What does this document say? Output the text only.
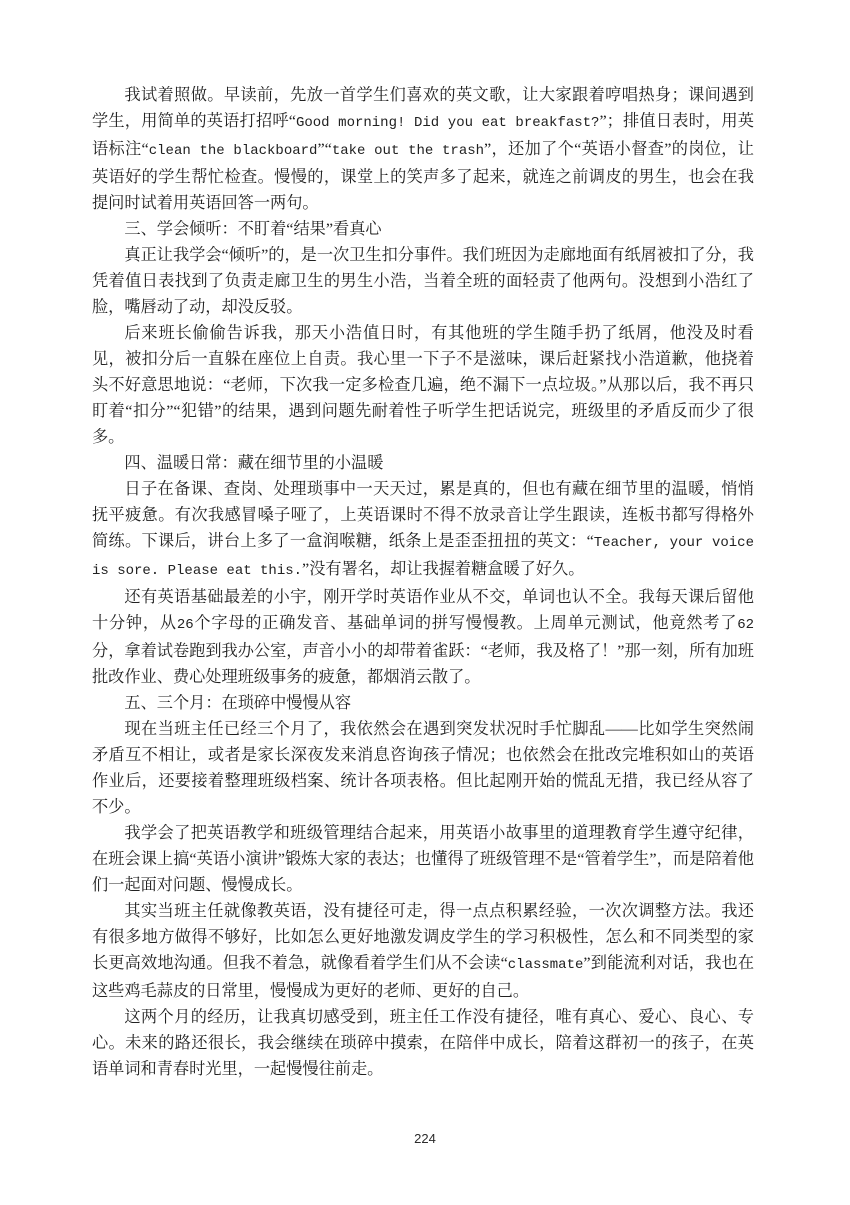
我试着照做。早读前，先放一首学生们喜欢的英文歌，让大家跟着哼唱热身；课间遇到学生，用简单的英语打招呼“Good morning! Did you eat breakfast?”；排值日表时，用英语标注“clean the blackboard”“take out the trash”，还加了个“英语小督查”的岗位，让英语好的学生帮忙检查。慢慢的，课堂上的笑声多了起来，就连之前调皮的男生，也会在我提问时试着用英语回答一两句。

三、学会倾听：不盯着“结果”看真心

真正让我学会“倾听”的，是一次卫生扣分事件。我们班因为走廊地面有纸屑被扣了分，我凭着值日表找到了负责走廊卫生的男生小浩，当着全班的面轻责了他两句。没想到小浩红了脸，嘴唇动了动，却没反驳。

后来班长偷偷告诉我，那天小浩值日时，有其他班的学生随手扔了纸屑，他没及时看见，被扣分后一直躲在座位上自责。我心里一下子不是滋味，课后赶紧找小浩道歉，他挠着头不好意思地说：“老师，下次我一定多检查几遍，绝不漏下一点垃圾。”从那以后，我不再只盯着“扣分”“犯错”的结果，遇到问题先耐着性子听学生把话说完，班级里的矛盾反而少了很多。

四、温暖日常：藏在细节里的小温暖

日子在备课、查岗、处理琐事中一天天过，累是真的，但也有藏在细节里的温暖，悄悄抚平疲惫。有次我感冒嗓子哑了，上英语课时不得不放录音让学生跟读，连板书都写得格外简练。下课后，讲台上多了一盒润喉糖，纸条上是歪歪扭扭的英文：“Teacher, your voice is sore. Please eat this.”没有署名，却让我握着糖盒暖了好久。

还有英语基础最差的小宇，刚开学时英语作业从不交，单词也认不全。我每天课后留他十分钟，从26个字母的正确发音、基础单词的拼写慢慢教。上周单元测试，他竟然考了62分，拿着试卷跑到我办公室，声音小小的却带着雀跃：“老师，我及格了！”那一刻，所有加班批改作业、费心处理班级事务的疲惫，都烟消云散了。

五、三个月：在琐碎中慢慢从容

现在当班主任已经三个月了，我依然会在遇到突发状况时手忙脚乱——比如学生突然闹矛盾互不相让，或者是家长深夜发来消息咨询孩子情况；也依然会在批改完堆积如山的英语作业后，还要接着整理班级档案、统计各项表格。但比起刚开始的慌乱无措，我已经从容了不少。

我学会了把英语教学和班级管理结合起来，用英语小故事里的道理教育学生遵守纪律，在班会课上搞“英语小演讲”锻炼大家的表达；也懂得了班级管理不是“管着学生”，而是陪着他们一起面对问题、慢慢成长。

其实当班主任就像教英语，没有捷径可走，得一点点积累经验，一次次调整方法。我还有很多地方做得不够好，比如怎么更好地激发调皮学生的学习积极性，怎么和不同类型的家长更高效地沟通。但我不着急，就像看着学生们从不会读“classmate”到能流利对话，我也在这些鸡毛蒜皮的日常里，慢慢成为更好的老师、更好的自己。

这两个月的经历，让我真切感受到，班主任工作没有捷径，唯有真心、爱心、良心、专心。未来的路还很长，我会继续在琐碎中摸索，在陪伴中成长，陪着这群初一的孩子，在英语单词和青春时光里，一起慢慢往前走。

224
